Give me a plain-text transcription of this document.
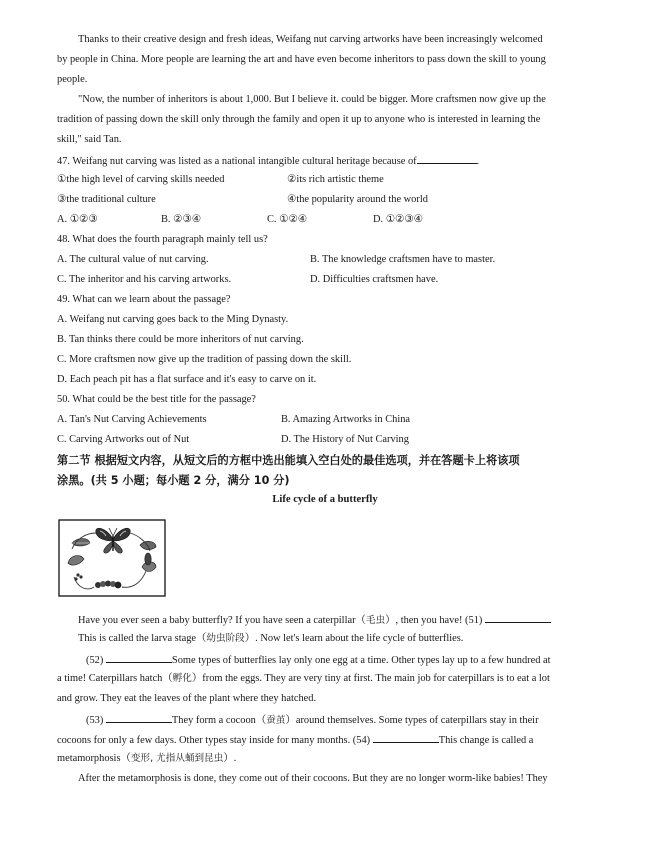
Thanks to their creative design and fresh ideas, Weifang nut carving artworks have been increasingly welcomed
by people in China. More people are learning the art and have even become inheritors to pass down the skill to young
people.
"Now, the number of inheritors is about 1,000. But I believe it. could be bigger. More craftsmen now give up the
tradition of passing down the skill only through the family and open it up to anyone who is interested in learning the
skill," said Tan.
47. Weifang nut carving was listed as a national intangible cultural heritage because of	.
①the high level of carving skills needed	②its rich artistic theme
③the traditional culture	④the popularity around the world
A. ①②③	B. ②③④	C. ①②④	D. ①②③④
48. What does the fourth paragraph mainly tell us?
A. The cultural value of nut carving.	B. The knowledge craftsmen have to master.
C. The inheritor and his carving artworks.	D. Difficulties craftsmen have.
49. What can we learn about the passage?
A. Weifang nut carving goes back to the Ming Dynasty.
B. Tan thinks there could be more inheritors of nut carving.
C. More craftsmen now give up the tradition of passing down the skill.
D. Each peach pit has a flat surface and it's easy to carve on it.
50. What could be the best title for the passage?
A. Tan's Nut Carving Achievements	B. Amazing Artworks in China
C. Carving Artworks out of Nut	D. The History of Nut Carving
第二节 根据短文内容，从短文后的方框中选出能填入空白处的最佳选项，并在答题卡上将该项
涂黑。(共 5 小题；每小题 2 分，满分 10 分)
Life cycle of a butterfly
Have you ever seen a baby butterfly? If you have seen a caterpillar（毛虫）, then you have! (51)
This is called the larva stage（幼虫阶段）. Now let's learn about the life cycle of butterflies.
(52)	Some types of butterflies lay only one egg at a time. Other types lay up to a few hundred at
a time! Caterpillars hatch（孵化）from the eggs. They are very tiny at first. The main job for caterpillars is to eat a lot
and grow. They eat the leaves of the plant where they hatched.
(53)	They form a cocoon（蚕茧）around themselves. Some types of caterpillars stay in their
cocoons for only a few days. Other types stay inside for many months. (54)	This change is called a
metamorphosis（变形, 尤指从蛹到昆虫）.
After the metamorphosis is done, they come out of their cocoons. But they are no longer worm-like babies! They
